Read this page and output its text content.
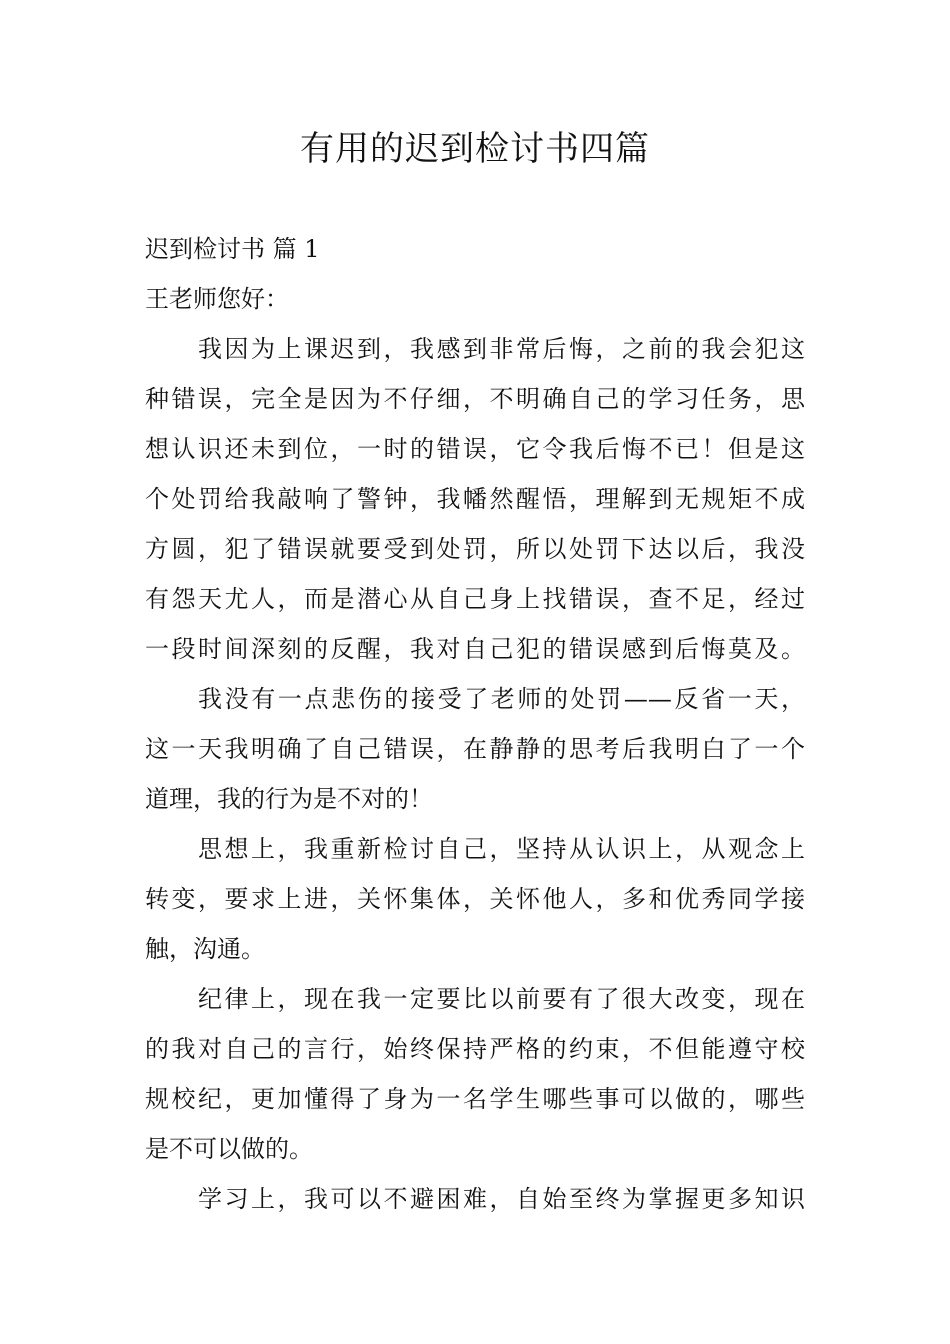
有用的迟到检讨书四篇
迟到检讨书 篇 1
王老师您好：
我因为上课迟到，我感到非常后悔，之前的我会犯这
种错误，完全是因为不仔细，不明确自己的学习任务，思
想认识还未到位，一时的错误，它令我后悔不已！但是这
个处罚给我敲响了警钟，我幡然醒悟，理解到无规矩不成
方圆，犯了错误就要受到处罚，所以处罚下达以后，我没
有怨天尤人，而是潜心从自己身上找错误，查不足，经过
一段时间深刻的反醒，我对自己犯的错误感到后悔莫及。
我没有一点悲伤的接受了老师的处罚——反省一天，
这一天我明确了自己错误，在静静的思考后我明白了一个
道理，我的行为是不对的！
思想上，我重新检讨自己，坚持从认识上，从观念上
转变，要求上进，关怀集体，关怀他人，多和优秀同学接
触，沟通。
纪律上，现在我一定要比以前要有了很大改变，现在
的我对自己的言行，始终保持严格的约束，不但能遵守校
规校纪，更加懂得了身为一名学生哪些事可以做的，哪些
是不可以做的。
学习上，我可以不避困难，自始至终为掌握更多知识
